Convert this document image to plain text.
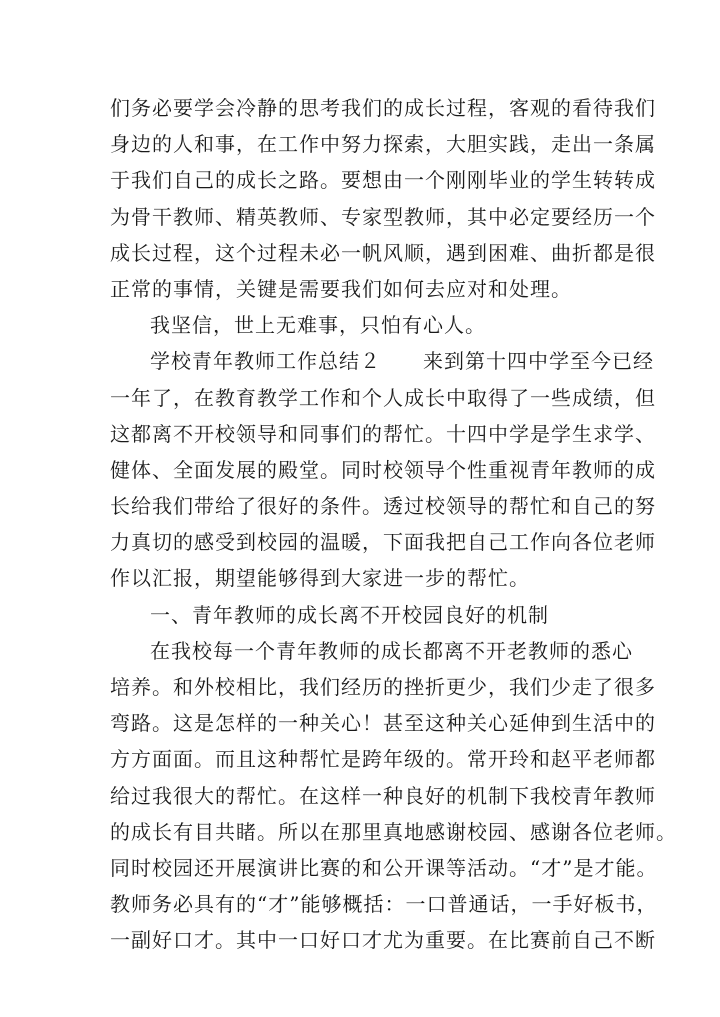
们务必要学会冷静的思考我们的成长过程，客观的看待我们
身边的人和事，在工作中努力探索，大胆实践，走出一条属
于我们自己的成长之路。要想由一个刚刚毕业的学生转转成
为骨干教师、精英教师、专家型教师，其中必定要经历一个
成长过程，这个过程未必一帆风顺，遇到困难、曲折都是很
正常的事情，关键是需要我们如何去应对和处理。
我坚信，世上无难事，只怕有心人。
学校青年教师工作总结２　　来到第十四中学至今已经
一年了，在教育教学工作和个人成长中取得了一些成绩，但
这都离不开校领导和同事们的帮忙。十四中学是学生求学、
健体、全面发展的殿堂。同时校领导个性重视青年教师的成
长给我们带给了很好的条件。透过校领导的帮忙和自己的努
力真切的感受到校园的温暖，下面我把自己工作向各位老师
作以汇报，期望能够得到大家进一步的帮忙。
一、青年教师的成长离不开校园良好的机制
在我校每一个青年教师的成长都离不开老教师的悉心
培养。和外校相比，我们经历的挫折更少，我们少走了很多
弯路。这是怎样的一种关心！甚至这种关心延伸到生活中的
方方面面。而且这种帮忙是跨年级的。常开玲和赵平老师都
给过我很大的帮忙。在这样一种良好的机制下我校青年教师
的成长有目共睹。所以在那里真地感谢校园、感谢各位老师。
同时校园还开展演讲比赛的和公开课等活动。“才”是才能。
教师务必具有的“才”能够概括：一口普通话，一手好板书，
一副好口才。其中一口好口才尤为重要。在比赛前自己不断
